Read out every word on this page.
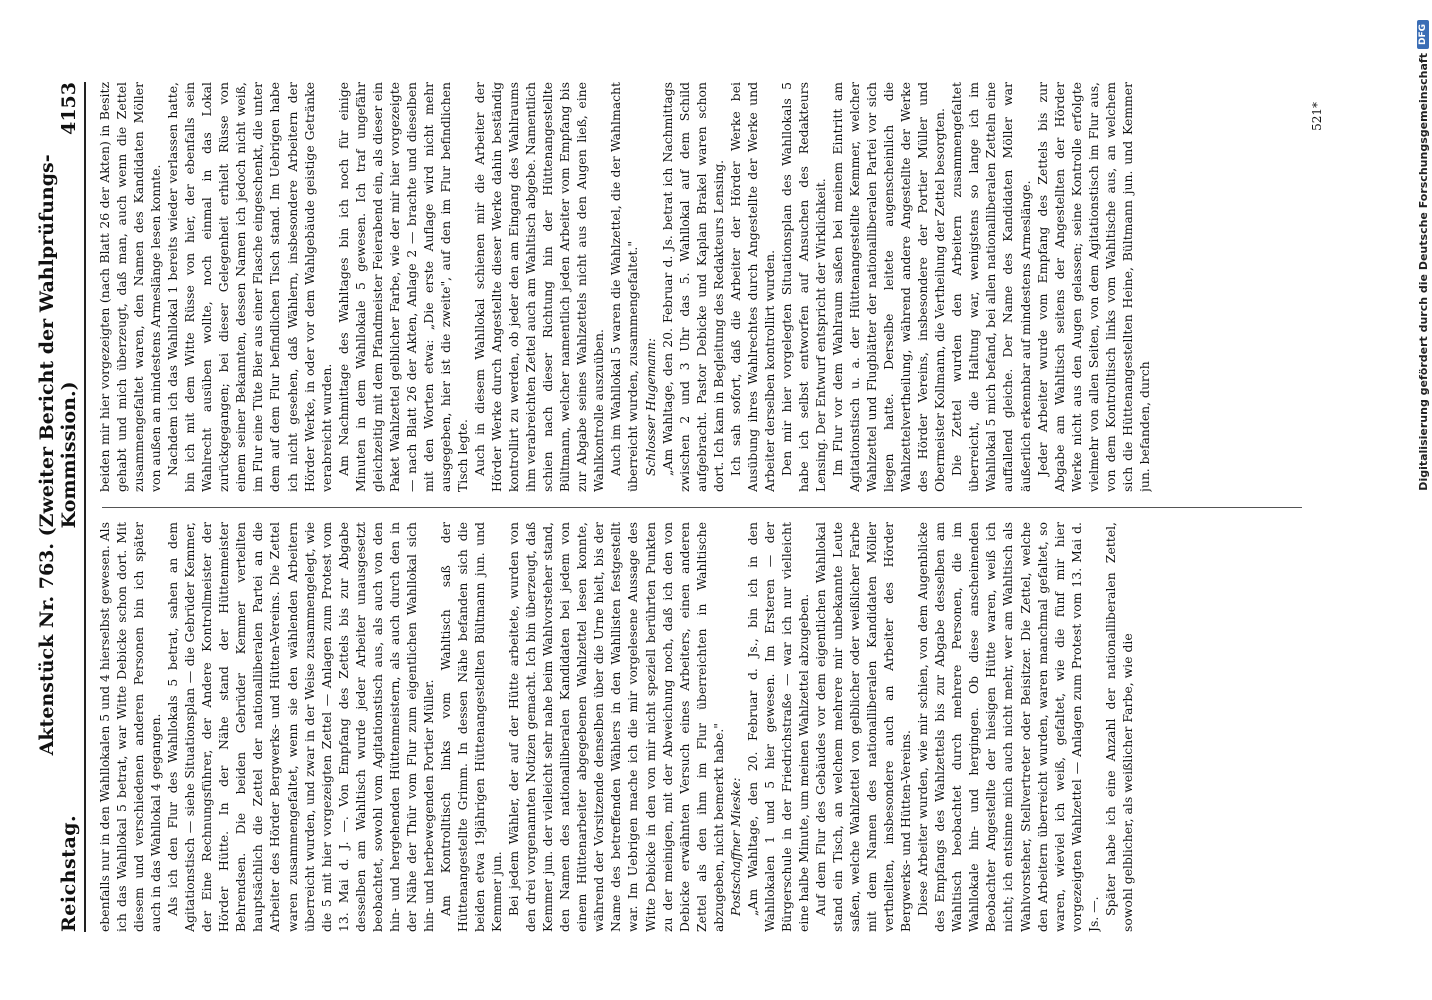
Reichstag.
Aktenstück Nr. 763. (Zweiter Bericht der Wahlprüfungs-Kommission.)
4153

ebenfalls nur in den Wahllokalen 5 und 4 hierselbst gewesen. Als ich das Wahllokal 5 betrat, war Witte Debicke schon dort. Mit diesem und verschiedenen anderen Personen bin ich später auch in das Wahllokal 4 gegangen. Als ich den Flur des Wahllokals 5 betrat, sahen an dem Agitationstisch — siehe Situationsplan — die Gebrüder Kemmer, der Eine Rechnungsführer, der Andere Kontrollmeister der Hörder Hütte. In der Nähe stand der Hüttenmeister Behrendsen. Die beiden Gebrüder Kemmer verteilten hauptsächlich die Zettel der nationalliberalen Partei an die Arbeiter des Hörder Bergwerks- und Hütten-Vereins. Die Zettel waren zusammengefaltet, wenn sie den wählenden Arbeitern überreicht wurden, und zwar in der Weise zusammengelegt, wie die 5 mit hier vorgezeigten Zettel — Anlagen zum Protest vom 13. Mai d. J. —. Von Empfang des Zettels bis zur Abgabe desselben am Wahltisch wurde jeder Arbeiter unausgesetzt beobachtet, sowohl vom Agitationstisch aus, als auch von den hin- und hergehenden Hüttenmeistern, als auch durch den in der Nähe der Thür vom Flur zum eigentlichen Wahllokal sich hin- und herbewegenden Portier Müller. Am Kontrolltisch links vom Wahltisch saß der Hüttenangestellte Grimm. In dessen Nähe befanden sich die beiden etwa 19jährigen Hüttenangestellten Bültmann jun. und Kemmer jun. Bei jedem Wähler, der auf der Hütte arbeitete, wurden von den drei vorgenannten Notizen gemacht. Ich bin überzeugt, daß Kemmer jun. der vielleicht sehr nahe beim Wahlvorsteher stand, den Namen des nationalliberalen Kandidaten bei jedem von einem Hüttenarbeiter abgegebenen Wahlzettel lesen konnte, während der Vorsitzende denselben über die Urne hielt, bis der Name des betreffenden Wählers in den Wahllisten festgestellt war. Im Uebrigen mache ich die mir vorgelesene Aussage des Witte Debicke in den von mir nicht speziell berührten Punkten zu der meinigen, mit der Abweichung noch, daß ich den von Debicke erwähnten Versuch eines Arbeiters, einen anderen Zettel als den ihm im Flur überreichten in Wahltische abzugeben, nicht bemerkt habe." Postschaffner Mieske: „Am Wahltage, den 20. Februar d. Js., bin ich in den Wahllokalen 1 und 5 hier gewesen. Im Ersteren — der Bürgerschule in der Friedrichstraße — war ich nur vielleicht eine halbe Minute, um meinen Wahlzettel abzugeben. Auf dem Flur des Gebäudes vor dem eigentlichen Wahllokal stand ein Tisch, an welchem mehrere mir unbekannte Leute saßen, welche Wahlzettel von gelblicher oder weißlicher Farbe mit dem Namen des nationalliberalen Kandidaten Möller vertheilten, insbesondere auch an Arbeiter des Hörder Bergwerks- und Hütten-Vereins. Diese Arbeiter wurden, wie mir schien, von dem Augenblicke des Empfangs des Wahlzettels bis zur Abgabe desselben am Wahltisch beobachtet durch mehrere Personen, die im Wahllokale hin- und hergingen. Ob diese anscheinenden Beobachter Angestellte der hiesigen Hütte waren, weiß ich nicht; ich entsinne mich auch nicht mehr, wer am Wahltisch als Wahlvorsteher, Stellvertreter oder Beisitzer. Die Zettel, welche den Arbeitern überreicht wurden, waren manchmal gefaltet, so waren, wieviel ich weiß, gefaltet, wie die fünf mir hier vorgezeigten Wahlzettel — Anlagen zum Protest vom 13. Mai d. Js. —. Später habe ich eine Anzahl der nationalliberalen Zettel, sowohl gelblicher, als weißlicher Farbe, wie die

beiden mir hier vorgezeigten (nach Blatt 26 der Akten) in Besitz gehabt und mich überzeugt, daß man, auch wenn die Zettel zusammengefaltet waren, den Namen des Kandidaten Möller von außen an mindestens Armeslänge lesen konnte. Nachdem ich das Wahllokal 1 bereits wieder verlassen hatte, bin ich mit dem Witte Rüsse von hier, der ebenfalls sein Wahlrecht ausüben wollte, noch einmal in das Lokal zurückgegangen; bei dieser Gelegenheit erhielt Rüsse von einem seiner Bekannten, dessen Namen ich jedoch nicht weiß, im Flur eine Tüte Bier aus einer Flasche eingeschenkt, die unter dem auf dem Flur befindlichen Tisch stand. Im Uebrigen habe ich nicht gesehen, daß Wählern, insbesondere Arbeitern der Hörder Werke, in oder vor dem Wahlgebäude geistige Getränke verabreicht wurden. Am Nachmittage des Wahltages bin ich noch für einige Minuten in dem Wahllokale 5 gewesen. Ich traf ungefähr gleichzeitig mit dem Pfandmeister Feierabend ein, als dieser ein Paket Wahlzettel gelblicher Farbe, wie der mir hier vorgezeigte — nach Blatt 26 der Akten, Anlage 2 — brachte und dieselben mit den Worten etwa: „Die erste Auflage wird nicht mehr ausgegeben, hier ist die zweite", auf den im Flur befindlichen Tisch legte. Auch in diesem Wahllokal schienen mir die Arbeiter der Hörder Werke durch Angestellte dieser Werke dahin beständig kontrollirt zu werden, ob jeder den am Eingang des Wahlraums ihm verabreichten Zettel auch am Wahltisch abgebe. Namentlich schien nach dieser Richtung hin der Hüttenangestellte Bültmann, welcher namentlich jeden Arbeiter vom Empfang bis zur Abgabe seines Wahlzettels nicht aus den Augen ließ, eine Wahlkontrolle auszuüben. Auch im Wahllokal 5 waren die Wahlzettel, die der Wahlmacht überreicht wurden, zusammengefaltet." Schlosser Hugemann: „Am Wahltage, den 20. Februar d. Js. betrat ich Nachmittags zwischen 2 und 3 Uhr das 5. Wahllokal auf dem Schild aufgebracht. Pastor Debicke und Kaplan Brakel waren schon dort. Ich kam in Begleitung des Redakteurs Lensing. Ich sah sofort, daß die Arbeiter der Hörder Werke bei Ausübung ihres Wahlrechtes durch Angestellte der Werke und Arbeiter derselben kontrollirt wurden. Den mir hier vorgelegten Situationsplan des Wahllokals 5 habe ich selbst entworfen auf Ansuchen des Redakteurs Lensing. Der Entwurf entspricht der Wirklichkeit. Im Flur vor dem Wahlraum saßen bei meinem Eintritt am Agitationstisch u. a. der Hüttenangestellte Kemmer, welcher Wahlzettel und Flugblätter der nationalliberalen Partei vor sich liegen hatte. Derselbe leitete augenscheinlich die Wahlzettelvertheilung, während andere Angestellte der Werke des Hörder Vereins, insbesondere der Portier Müller und Obermeister Kollmann, die Vertheilung der Zettel besorgten. Die Zettel wurden den Arbeitern zusammengefaltet überreicht, die Haltung war, wenigstens so lange ich im Wahllokal 5 mich befand, bei allen nationalliberalen Zetteln eine auffallend gleiche. Der Name des Kandidaten Möller war äußerlich erkennbar auf mindestens Armeslänge. Jeder Arbeiter wurde vom Empfang des Zettels bis zur Abgabe am Wahltisch seitens der Angestellten der Hörder Werke nicht aus den Augen gelassen; seine Kontrolle erfolgte vielmehr von allen Seiten, von dem Agitationstisch im Flur aus, von dem Kontrolltisch links vom Wahltische aus, an welchem sich die Hüttenangestellten Heine, Bültmann jun. und Kemmer jun. befanden, durch

521*	Digitalisierung gefördert durch die Deutsche Forschungsgemeinschaft
DFG
